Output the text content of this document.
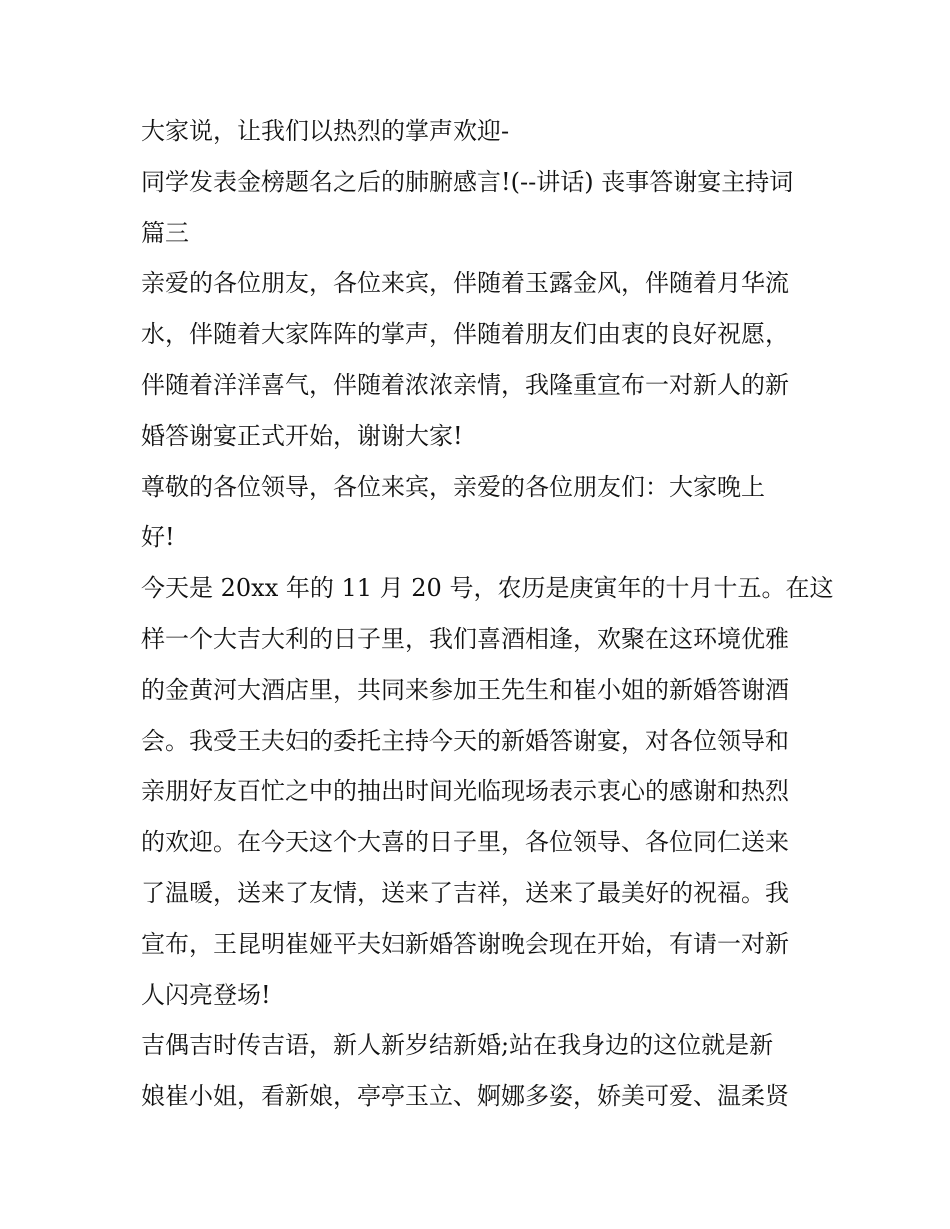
大家说，让我们以热烈的掌声欢迎-
同学发表金榜题名之后的肺腑感言!(--讲话) 丧事答谢宴主持词
篇三
亲爱的各位朋友，各位来宾，伴随着玉露金风，伴随着月华流
水，伴随着大家阵阵的掌声，伴随着朋友们由衷的良好祝愿，
伴随着洋洋喜气，伴随着浓浓亲情，我隆重宣布一对新人的新
婚答谢宴正式开始，谢谢大家!
尊敬的各位领导，各位来宾，亲爱的各位朋友们：大家晚上
好!
今天是 20xx 年的 11 月 20 号，农历是庚寅年的十月十五。在这
样一个大吉大利的日子里，我们喜酒相逢，欢聚在这环境优雅
的金黄河大酒店里，共同来参加王先生和崔小姐的新婚答谢酒
会。我受王夫妇的委托主持今天的新婚答谢宴，对各位领导和
亲朋好友百忙之中的抽出时间光临现场表示衷心的感谢和热烈
的欢迎。在今天这个大喜的日子里，各位领导、各位同仁送来
了温暖，送来了友情，送来了吉祥，送来了最美好的祝福。我
宣布，王昆明崔娅平夫妇新婚答谢晚会现在开始，有请一对新
人闪亮登场!
吉偶吉时传吉语，新人新岁结新婚;站在我身边的这位就是新
娘崔小姐，看新娘，亭亭玉立、婀娜多姿，娇美可爱、温柔贤
